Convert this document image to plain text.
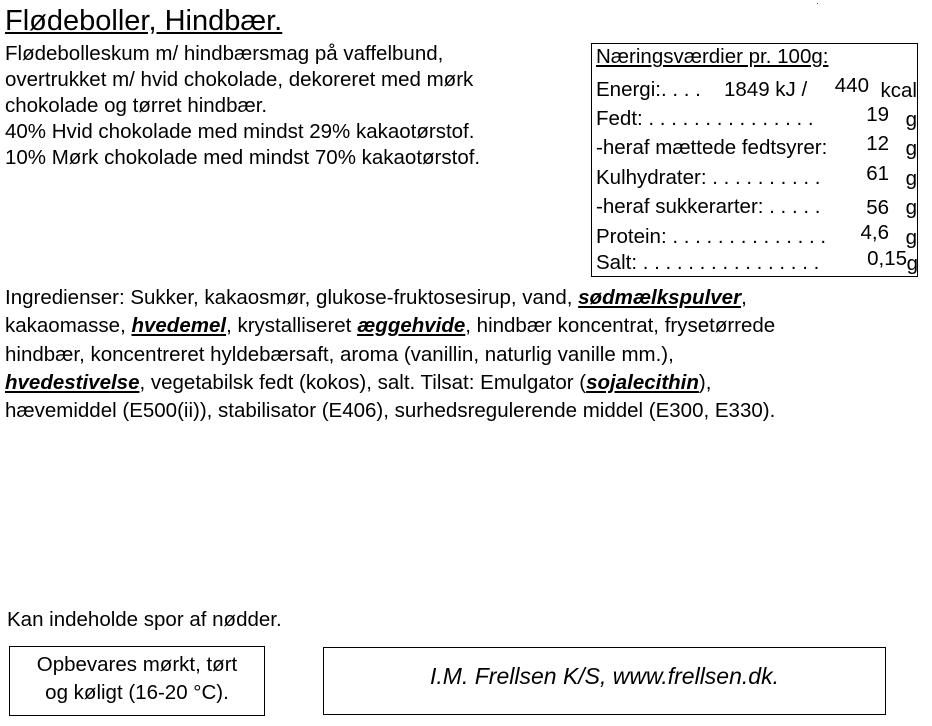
Flødeboller, Hindbær.
Flødebolleskum m/ hindbærsmag på vaffelbund,
overtrukket m/ hvid chokolade, dekoreret med mørk
chokolade og tørret hindbær.
40% Hvid chokolade med mindst 29% kakaotørstof.
10% Mørk chokolade med mindst 70% kakaotørstof.
Næringsværdier pr. 100g:
Energi:. . . . 1849 kJ / 440 kcal
Fedt: . . . . . . . . . . . . . . .	19 g
-heraf mættede fedtsyrer: 12 g
Kulhydrater: . . . . . . . . . . 61 g
-heraf sukkerarter: . . . . . 56 g
Protein: . . . . . . . . . . . . . . 4,6 g
Salt: . . . . . . . . . . . . . . . . 0,15 g
Ingredienser: Sukker, kakaosmør, glukose-fruktosesirup, vand, sødmælkspulver,
kakaomasse, hvedemel, krystalliseret æggehvide, hindbær koncentrat, frysetørrede
hindbær, koncentreret hyldebærsaft, aroma (vanillin, naturlig vanille mm.),
hvedestivelse, vegetabilsk fedt (kokos), salt. Tilsat: Emulgator (sojalecithin),
hævemiddel (E500(ii)), stabilisator (E406), surhedsregulerende middel (E300, E330).
Kan indeholde spor af nødder.
Opbevares mørkt, tørt
og køligt (16-20 °C).
I.M. Frellsen K/S, www.frellsen.dk.
